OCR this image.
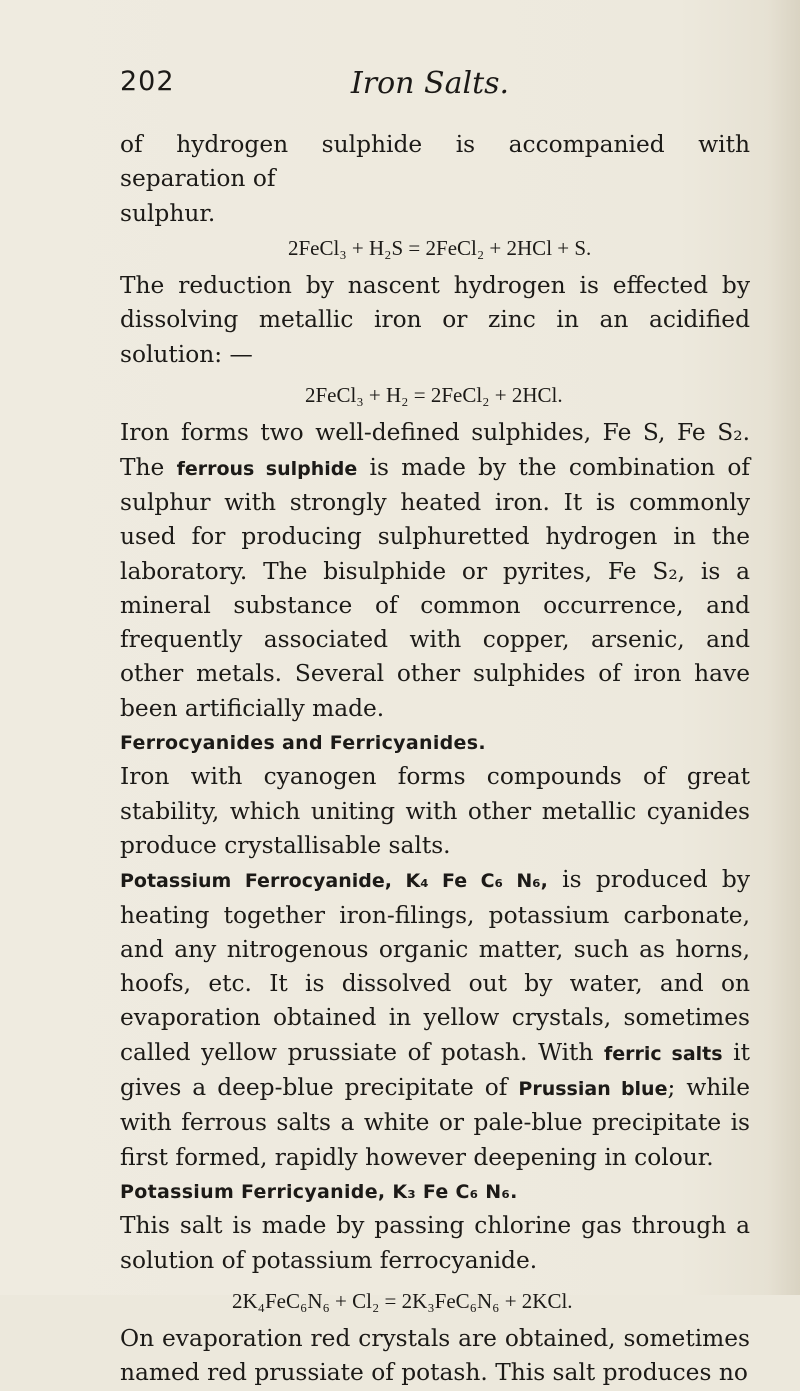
202	Iron Salts.

of hydrogen sulphide is accompanied with separation of
sulphur.

2FeCl₃ + H₂S = 2FeCl₂ + 2HCl + S.

The reduction by nascent hydrogen is effected by dissolving metallic iron or zinc in an acidified solution: —

2FeCl₃ + H₂ = 2FeCl₂ + 2HCl.

Iron forms two well-defined sulphides, Fe S, Fe S₂. The ferrous sulphide is made by the combination of sulphur with strongly heated iron. It is commonly used for producing sulphuretted hydrogen in the laboratory. The bisulphide or pyrites, Fe S₂, is a mineral substance of common occurrence, and frequently associated with copper, arsenic, and other metals. Several other sulphides of iron have been artificially made.

Ferrocyanides and Ferricyanides.

Iron with cyanogen forms compounds of great stability, which uniting with other metallic cyanides produce crystallisable salts.

Potassium Ferrocyanide, K₄ Fe C₆ N₆, is produced by heating together iron-filings, potassium carbonate, and any nitrogenous organic matter, such as horns, hoofs, etc. It is dissolved out by water, and on evaporation obtained in yellow crystals, sometimes called yellow prussiate of potash. With ferric salts it gives a deep-blue precipitate of Prussian blue; while with ferrous salts a white or pale-blue precipitate is first formed, rapidly however deepening in colour.

Potassium Ferricyanide, K₃ Fe C₆ N₆.

This salt is made by passing chlorine gas through a solution of potassium ferrocyanide.

2K₄FeC₆N₆ + Cl₂ = 2K₃FeC₆N₆ + 2KCl.

On evaporation red crystals are obtained, sometimes named red prussiate of potash. This salt produces no
